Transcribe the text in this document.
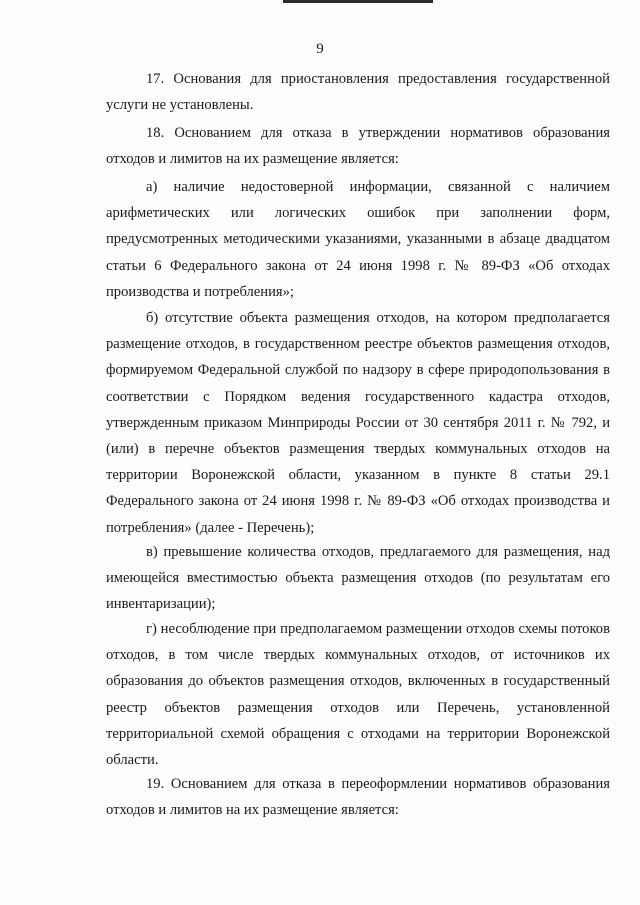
9

17. Основания для приостановления предоставления государственной услуги не установлены.

18. Основанием для отказа в утверждении нормативов образования отходов и лимитов на их размещение является:

а) наличие недостоверной информации, связанной с наличием арифметических или логических ошибок при заполнении форм, предусмотренных методическими указаниями, указанными в абзаце двадцатом статьи 6 Федерального закона от 24 июня 1998 г. № 89-ФЗ «Об отходах производства и потребления»;

б) отсутствие объекта размещения отходов, на котором предполагается размещение отходов, в государственном реестре объектов размещения отходов, формируемом Федеральной службой по надзору в сфере природопользования в соответствии с Порядком ведения государственного кадастра отходов, утвержденным приказом Минприроды России от 30 сентября 2011 г. № 792, и (или) в перечне объектов размещения твердых коммунальных отходов на территории Воронежской области, указанном в пункте 8 статьи 29.1 Федерального закона от 24 июня 1998 г. № 89-ФЗ «Об отходах производства и потребления» (далее - Перечень);

в) превышение количества отходов, предлагаемого для размещения, над имеющейся вместимостью объекта размещения отходов (по результатам его инвентаризации);

г) несоблюдение при предполагаемом размещении отходов схемы потоков отходов, в том числе твердых коммунальных отходов, от источников их образования до объектов размещения отходов, включенных в государственный реестр объектов размещения отходов или Перечень, установленной территориальной схемой обращения с отходами на территории Воронежской области.

19. Основанием для отказа в переоформлении нормативов образования отходов и лимитов на их размещение является:
